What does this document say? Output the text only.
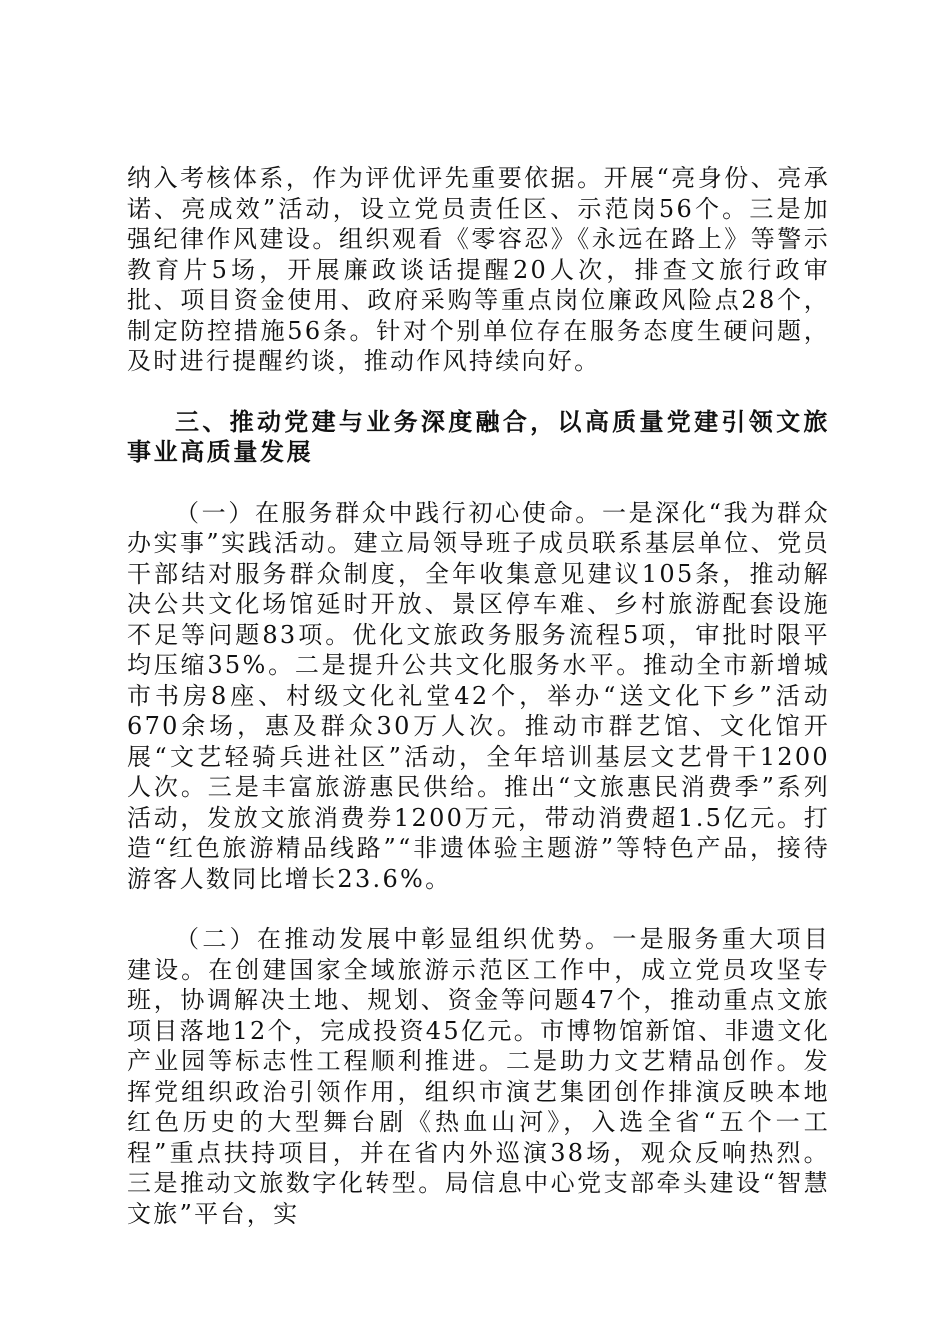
纳入考核体系，作为评优评先重要依据。开展“亮身份、亮承诺、亮成效”活动，设立党员责任区、示范岗56个。三是加强纪律作风建设。组织观看《零容忍》《永远在路上》等警示教育片5场，开展廉政谈话提醒20人次，排查文旅行政审批、项目资金使用、政府采购等重点岗位廉政风险点28个，制定防控措施56条。针对个别单位存在服务态度生硬问题，及时进行提醒约谈，推动作风持续向好。

三、推动党建与业务深度融合，以高质量党建引领文旅事业高质量发展

（一）在服务群众中践行初心使命。一是深化“我为群众办实事”实践活动。建立局领导班子成员联系基层单位、党员干部结对服务群众制度，全年收集意见建议105条，推动解决公共文化场馆延时开放、景区停车难、乡村旅游配套设施不足等问题83项。优化文旅政务服务流程5项，审批时限平均压缩35%。二是提升公共文化服务水平。推动全市新增城市书房8座、村级文化礼堂42个，举办“送文化下乡”活动670余场，惠及群众30万人次。推动市群艺馆、文化馆开展“文艺轻骑兵进社区”活动，全年培训基层文艺骨干1200人次。三是丰富旅游惠民供给。推出“文旅惠民消费季”系列活动，发放文旅消费券1200万元，带动消费超1.5亿元。打造“红色旅游精品线路”“非遗体验主题游”等特色产品，接待游客人数同比增长23.6%。

（二）在推动发展中彰显组织优势。一是服务重大项目建设。在创建国家全域旅游示范区工作中，成立党员攻坚专班，协调解决土地、规划、资金等问题47个，推动重点文旅项目落地12个，完成投资45亿元。市博物馆新馆、非遗文化产业园等标志性工程顺利推进。二是助力文艺精品创作。发挥党组织政治引领作用，组织市演艺集团创作排演反映本地红色历史的大型舞台剧《热血山河》，入选全省“五个一工程”重点扶持项目，并在省内外巡演38场，观众反响热烈。三是推动文旅数字化转型。局信息中心党支部牵头建设“智慧文旅”平台，实
